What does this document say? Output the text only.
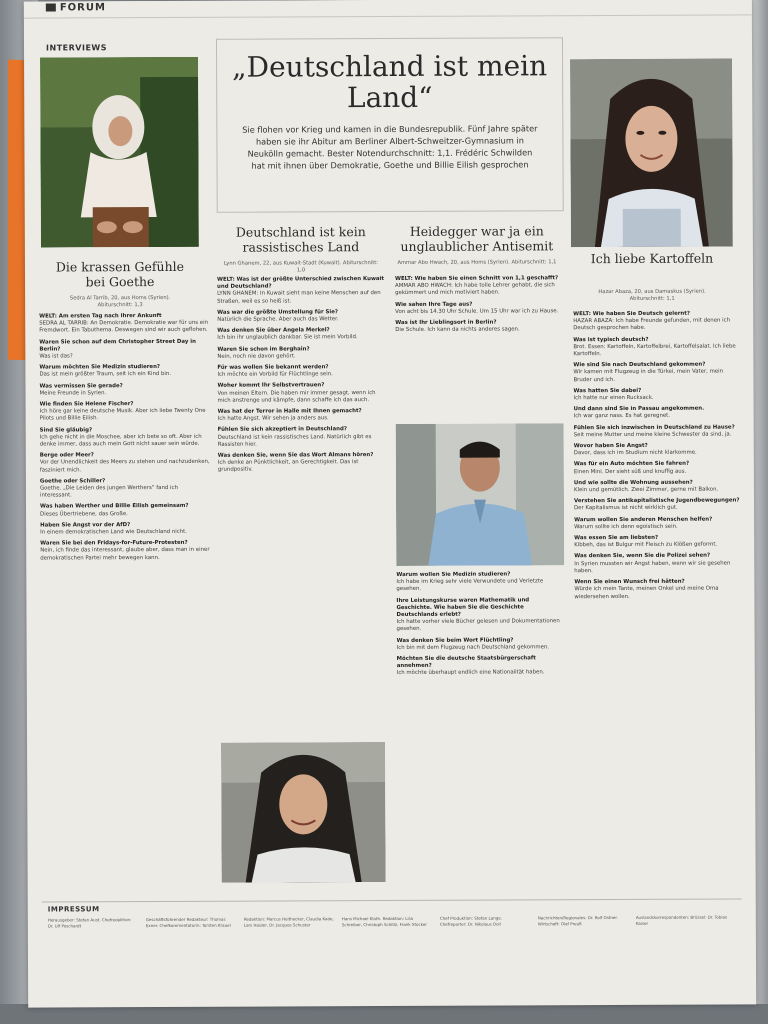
FORUM
INTERVIEWS
„Deutschland ist mein Land“
Sie flohen vor Krieg und kamen in die Bundesrepublik. Fünf Jahre später haben sie ihr Abitur am Berliner Albert-Schweitzer-Gymnasium in Neukölln gemacht. Bester Notendurchschnitt: 1,1. Frédéric Schwilden hat mit ihnen über Demokratie, Goethe und Billie Eilish gesprochen
Die krassen Gefühle bei Goethe
Sedra Al Tarrib, 20, aus Homs (Syrien). Abiturschnitt: 1,3
Deutschland ist kein rassistisches Land
Lynn Ghanem, 22, aus Kuwait-Stadt (Kuwait). Abiturschnitt: 1,0
Heidegger war ja ein unglaublicher Antisemit
Ammar Abo Hwach, 20, aus Homs (Syrien). Abiturschnitt: 1,1	Ich liebe Kartoffeln
Hazar Abaza, 20, aus Damaskus (Syrien). Abiturschnitt: 1,1

WELT: Am ersten Tag nach Ihrer Ankunft
SEDRA AL TARRIB: An Demokratie. Demokratie war für uns ein Fremdwort. Ein Tabuthema. Deswegen sind wir auch geflohen.

Waren Sie schon auf dem Christopher Street Day in Berlin?
Was ist das?

Warum möchten Sie Medizin studieren?
Das ist mein größter Traum, seit ich ein Kind bin.

Was vermissen Sie gerade?
Meine Freunde in Syrien.

Wie finden Sie Helene Fischer?
Ich höre gar keine deutsche Musik. Aber ich liebe Twenty One Pilots und Billie Eilish.

Sind Sie gläubig?
Ich gehe nicht in die Moschee, aber ich bete so oft. Aber ich denke immer, dass auch mein Gott nicht sauer sein würde.

Berge oder Meer?
Vor der Unendlichkeit des Meers zu stehen und nachzudenken, fasziniert mich.

Goethe oder Schiller?
Goethe. „Die Leiden des jungen Werthers“ fand ich interessant.

Was haben Werther und Billie Eilish gemeinsam?
Dieses Übertriebene, das Große.

Haben Sie Angst vor der AfD?
In einem demokratischen Land wie Deutschland nicht.

Waren Sie bei den Fridays-for-Future-Protesten?
Nein, ich finde das interessant, glaube aber, dass man in einer demokratischen Partei mehr bewegen kann.

WELT: Was ist der größte Unterschied zwischen Kuwait und Deutschland?
LYNN GHANEM: In Kuwait sieht man keine Menschen auf den Straßen, weil es so heiß ist.

Was war die größte Umstellung für Sie?
Natürlich die Sprache. Aber auch das Wetter.

Was denken Sie über Angela Merkel?
Ich bin ihr unglaublich dankbar. Sie ist mein Vorbild.

Waren Sie schon im Berghain?
Nein, noch nie davon gehört.

Für was wollen Sie bekannt werden?
Ich möchte ein Vorbild für Flüchtlinge sein.

Woher kommt Ihr Selbstvertrauen?
Von meinen Eltern. Die haben mir immer gesagt, wenn ich mich anstrenge und kämpfe, dann schaffe ich das auch.

Was hat der Terror in Halle mit Ihnen gemacht?
Ich hatte Angst. Wir sehen ja anders aus.

Fühlen Sie sich akzeptiert in Deutschland?
Deutschland ist kein rassistisches Land. Natürlich gibt es Rassisten hier.

Was denken Sie, wenn Sie das Wort Almans hören?
Ich denke an Pünktlichkeit, an Gerechtigkeit. Das ist grundpositiv.

WELT: Wie haben Sie einen Schnitt von 1,1 geschafft?
AMMAR ABO HWACH: Ich habe tolle Lehrer gehabt, die sich gekümmert und mich motiviert haben.

Wie sahen Ihre Tage aus?
Von acht bis 14.30 Uhr Schule. Um 15 Uhr war ich zu Hause.

Was ist Ihr Lieblingsort in Berlin?
Die Schule. Ich kann da nichts anderes sagen.

Warum wollen Sie Medizin studieren?
Ich habe im Krieg sehr viele Verwundete und Verletzte gesehen.

Ihre Leistungskurse waren Mathematik und Geschichte. Wie haben Sie die Geschichte Deutschlands erlebt?
Ich hatte vorher viele Bücher gelesen und Dokumentationen gesehen.

Was denken Sie beim Wort Flüchtling?
Ich bin mit dem Flugzeug nach Deutschland gekommen.

Möchten Sie die deutsche Staatsbürgerschaft annehmen?
Ich möchte überhaupt endlich eine Nationalität haben.

WELT: Wie haben Sie Deutsch gelernt?
HAZAR ABAZA: Ich habe Freunde gefunden, mit denen ich Deutsch gesprochen habe.

Was ist typisch deutsch?
Brot. Essen: Kartoffeln, Kartoffelbrei, Kartoffelsalat. Ich liebe Kartoffeln.

Wie sind Sie nach Deutschland gekommen?
Wir kamen mit Flugzeug in die Türkei, mein Vater, mein Bruder und ich.

Was hatten Sie dabei?
Ich hatte nur einen Rucksack.

Und dann sind Sie in Passau angekommen.
Ich war ganz nass. Es hat geregnet.

Fühlen Sie sich inzwischen in Deutschland zu Hause?
Seit meine Mutter und meine kleine Schwester da sind, ja.

Wovor haben Sie Angst?
Davor, dass ich im Studium nicht klarkomme.

Was für ein Auto möchten Sie fahren?
Einen Mini. Der sieht süß und knuffig aus.

Und wie sollte die Wohnung aussehen?
Klein und gemütlich. Zwei Zimmer, gerne mit Balkon.

Verstehen Sie antikapitalistische Jugendbewegungen?
Der Kapitalismus ist nicht wirklich gut.

Warum wollen Sie anderen Menschen helfen?
Warum sollte ich denn egoistisch sein.

Was essen Sie am liebsten?
Kibbeh, das ist Bulgur mit Fleisch zu Klößen geformt.

Was denken Sie, wenn Sie die Polizei sehen?
In Syrien mussten wir Angst haben, wenn wir sie gesehen haben.

Wenn Sie einen Wunsch frei hätten?
Würde ich mein Tante, meinen Onkel und meine Oma wiedersehen wollen.

IMPRESSUM
Herausgeber: Stefan Aust. Chefredaktion: Dr. Ulf Poschardt
Geschäftsführender Redakteur: Thomas Exner. Chefkommentatorin: Torsten Krauel
Redaktion: Marcus Heithecker, Claudia Kade, Lars Haider, Dr. Jacques Schuster
Hans Michael Kloth. Redaktion: Lisa Schreiber, Christoph Schiltz, Frank Stocker
Chef Produktion: Stefan Lange. Chefreporter: Dr. Nikolaus Doll
Nachrichten/Regionales: Dr. Rolf Ostner. Wirtschaft: Olaf Preuß
Auslandskorrespondenten: Brüssel: Dr. Tobias Kaiser
